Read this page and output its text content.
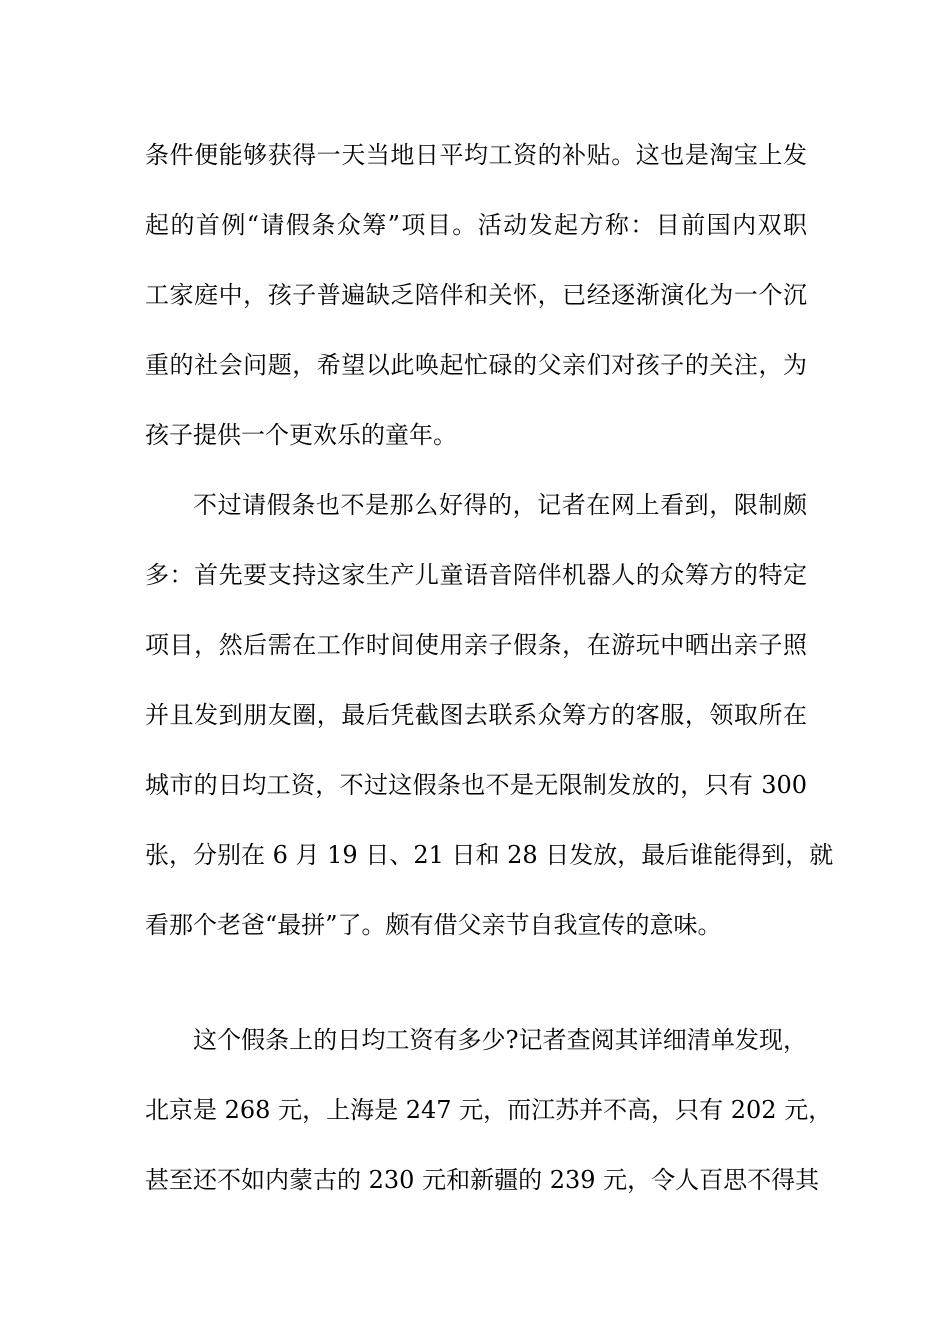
条件便能够获得一天当地日平均工资的补贴。这也是淘宝上发
起的首例“请假条众筹”项目。活动发起方称：目前国内双职
工家庭中，孩子普遍缺乏陪伴和关怀，已经逐渐演化为一个沉
重的社会问题，希望以此唤起忙碌的父亲们对孩子的关注，为
孩子提供一个更欢乐的童年。
不过请假条也不是那么好得的，记者在网上看到，限制颇
多：首先要支持这家生产儿童语音陪伴机器人的众筹方的特定
项目，然后需在工作时间使用亲子假条，在游玩中晒出亲子照
并且发到朋友圈，最后凭截图去联系众筹方的客服，领取所在
城市的日均工资，不过这假条也不是无限制发放的，只有 300
张，分别在 6 月 19 日、21 日和 28 日发放，最后谁能得到，就
看那个老爸“最拼”了。颇有借父亲节自我宣传的意味。
这个假条上的日均工资有多少?记者查阅其详细清单发现，
北京是 268 元，上海是 247 元，而江苏并不高，只有 202 元，
甚至还不如内蒙古的 230 元和新疆的 239 元，令人百思不得其
